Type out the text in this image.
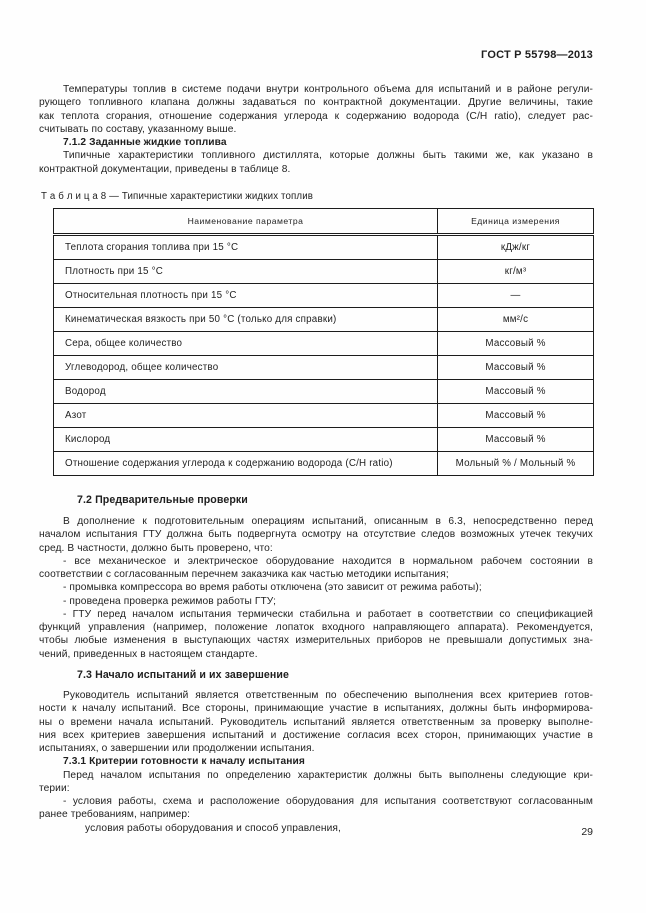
ГОСТ Р 55798—2013
Температуры топлив в системе подачи внутри контрольного объема для испытаний и в районе регули-
рующего топливного клапана должны задаваться по контрактной документации. Другие величины, такие
как теплота сгорания, отношение содержания углерода к содержанию водорода (C/H ratio), следует рас-
считывать по составу, указанному выше.
7.1.2 Заданные жидкие топлива
Типичные характеристики топливного дистиллята, которые должны быть такими же, как указано в
контрактной документации, приведены в таблице 8.
Т а б л и ц а 8 — Типичные характеристики жидких топлив
Наименование параметра	Единица измерения
Теплота сгорания топлива при 15 °C	кДж/кг
Плотность при 15 °C	кг/м³
Относительная плотность при 15 °C	—
Кинематическая вязкость при 50 °C (только для справки)	мм²/с
Сера, общее количество	Массовый %
Углеводород, общее количество	Массовый %
Водород	Массовый %
Азот	Массовый %
Кислород	Массовый %
Отношение содержания углерода к содержанию водорода (C/H ratio)	Мольный % / Мольный %
7.2 Предварительные проверки
В дополнение к подготовительным операциям испытаний, описанным в 6.3, непосредственно перед
началом испытания ГТУ должна быть подвергнута осмотру на отсутствие следов возможных утечек текучих
сред. В частности, должно быть проверено, что:
- все механическое и электрическое оборудование находится в нормальном рабочем состоянии в
соответствии с согласованным перечнем заказчика как частью методики испытания;
- промывка компрессора во время работы отключена (это зависит от режима работы);
- проведена проверка режимов работы ГТУ;
- ГТУ перед началом испытания термически стабильна и работает в соответствии со спецификацией
функций управления (например, положение лопаток входного направляющего аппарата). Рекомендуется,
чтобы любые изменения в выступающих частях измерительных приборов не превышали допустимых зна-
чений, приведенных в настоящем стандарте.
7.3 Начало испытаний и их завершение
Руководитель испытаний является ответственным по обеспечению выполнения всех критериев готов-
ности к началу испытаний. Все стороны, принимающие участие в испытаниях, должны быть информирова-
ны о времени начала испытаний. Руководитель испытаний является ответственным за проверку выполне-
ния всех критериев завершения испытаний и достижение согласия всех сторон, принимающих участие в
испытаниях, о завершении или продолжении испытания.
7.3.1 Критерии готовности к началу испытания
Перед началом испытания по определению характеристик должны быть выполнены следующие кри-
терии:
- условия работы, схема и расположение оборудования для испытания соответствуют согласованным
ранее требованиям, например:
условия работы оборудования и способ управления,	29
